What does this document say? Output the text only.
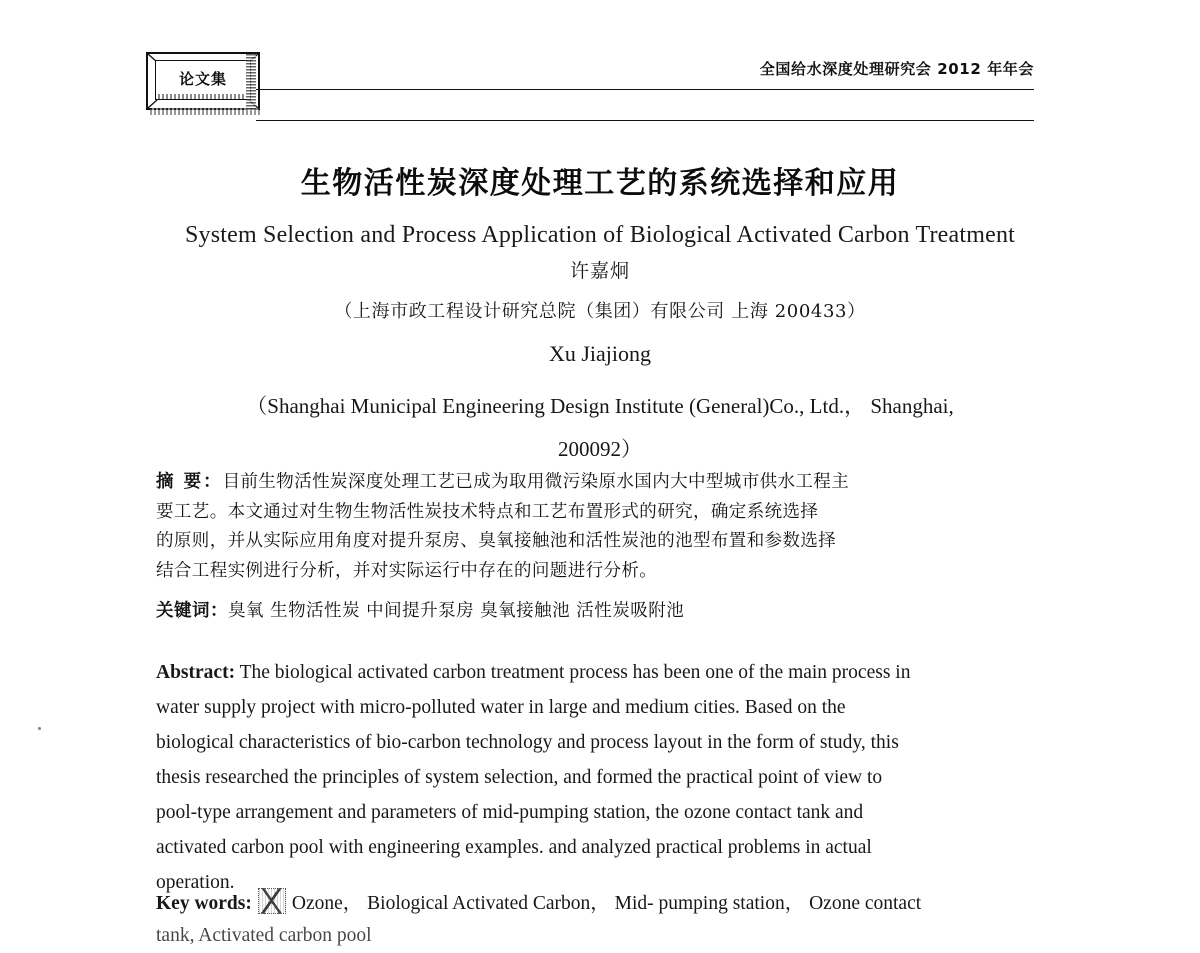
论文集
全国给水深度处理研究会 2012 年年会
生物活性炭深度处理工艺的系统选择和应用
System Selection and Process Application of Biological Activated Carbon Treatment
许嘉炯
（上海市政工程设计研究总院（集团）有限公司 上海 200433）
Xu Jiajiong
（Shanghai Municipal Engineering Design Institute (General)Co., Ltd.， Shanghai,
200092）
摘 要：目前生物活性炭深度处理工艺已成为取用微污染原水国内大中型城市供水工程主
要工艺。本文通过对生物生物活性炭技术特点和工艺布置形式的研究，确定系统选择
的原则，并从实际应用角度对提升泵房、臭氧接触池和活性炭池的池型布置和参数选择
结合工程实例进行分析，并对实际运行中存在的问题进行分析。
关键词：臭氧 生物活性炭 中间提升泵房 臭氧接触池 活性炭吸附池
Abstract: The biological activated carbon treatment process has been one of the main process in
water supply project with micro-polluted water in large and medium cities. Based on the
biological characteristics of bio-carbon technology and process layout in the form of study, this
thesis researched the principles of system selection, and formed the practical point of view to
pool-type arrangement and parameters of mid-pumping station, the ozone contact tank and
activated carbon pool with engineering examples. and analyzed practical problems in actual
operation.
Key words: Ozone， Biological Activated Carbon， Mid- pumping station， Ozone contact
tank, Activated carbon pool
